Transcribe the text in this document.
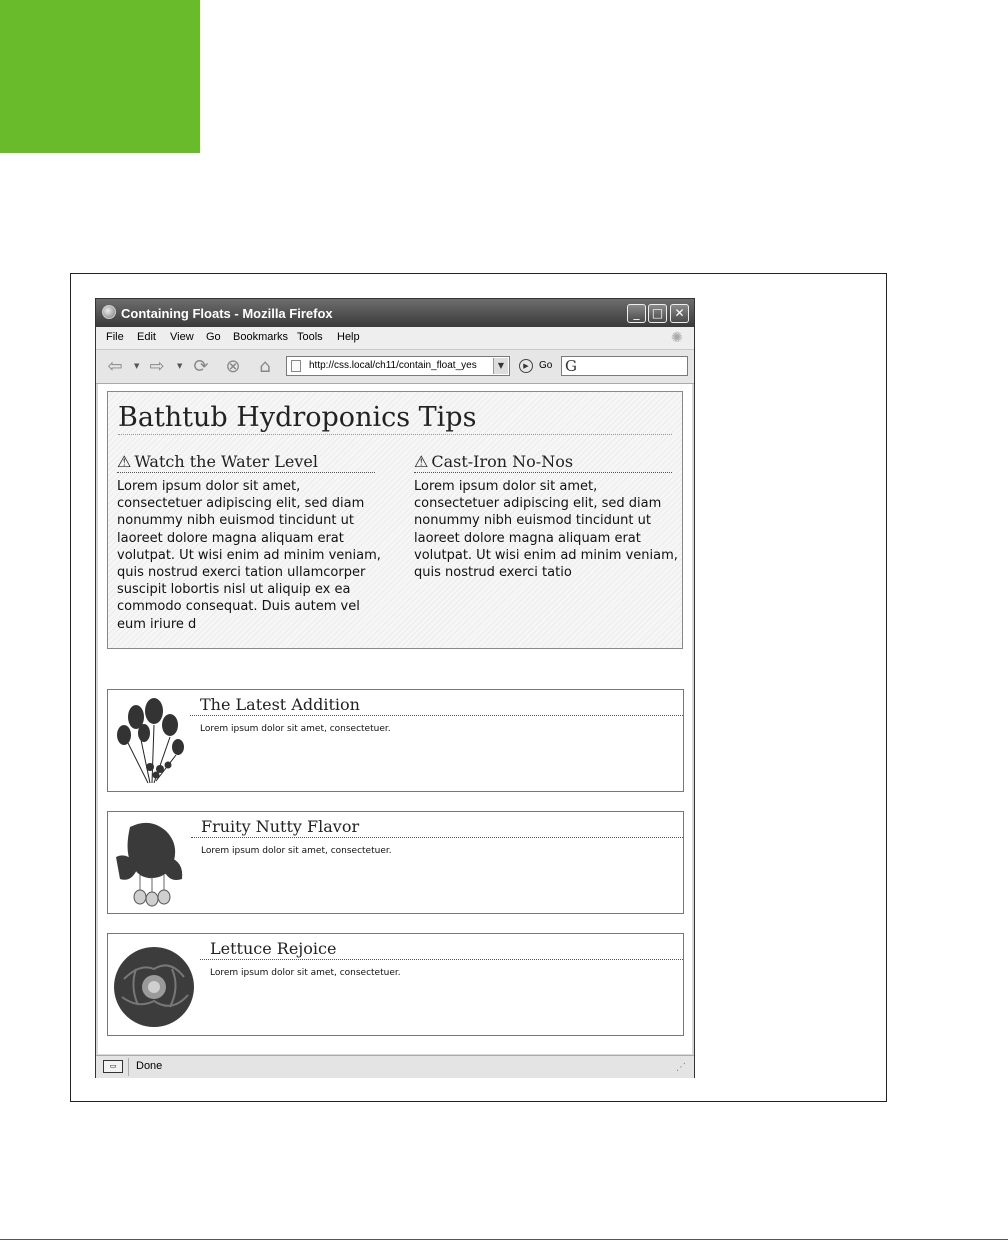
Containing Floats - Mozilla Firefox	_	□ ✕
File Edit View Go Bookmarks Tools Help	✺
⇦	▼ ⇨	▼ ⟳ ⊗ ⌂	http://css.local/ch11/contain_float_yes	▼	▶	Go G
Bathtub Hydroponics Tips
⚠ Watch the Water Level
Lorem ipsum dolor sit amet, consectetuer adipiscing elit, sed diam nonummy nibh euismod tincidunt ut laoreet dolore magna aliquam erat volutpat. Ut wisi enim ad minim veniam, quis nostrud exerci tation ullamcorper suscipit lobortis nisl ut aliquip ex ea commodo consequat. Duis autem vel eum iriure d
⚠ Cast-Iron No-Nos
Lorem ipsum dolor sit amet, consectetuer adipiscing elit, sed diam nonummy nibh euismod tincidunt ut laoreet dolore magna aliquam erat volutpat. Ut wisi enim ad minim veniam, quis nostrud exerci tatio
The Latest Addition
Lorem ipsum dolor sit amet, consectetuer.
Fruity Nutty Flavor
Lorem ipsum dolor sit amet, consectetuer.
Lettuce Rejoice
Lorem ipsum dolor sit amet, consectetuer.
▭	Done	⋰
